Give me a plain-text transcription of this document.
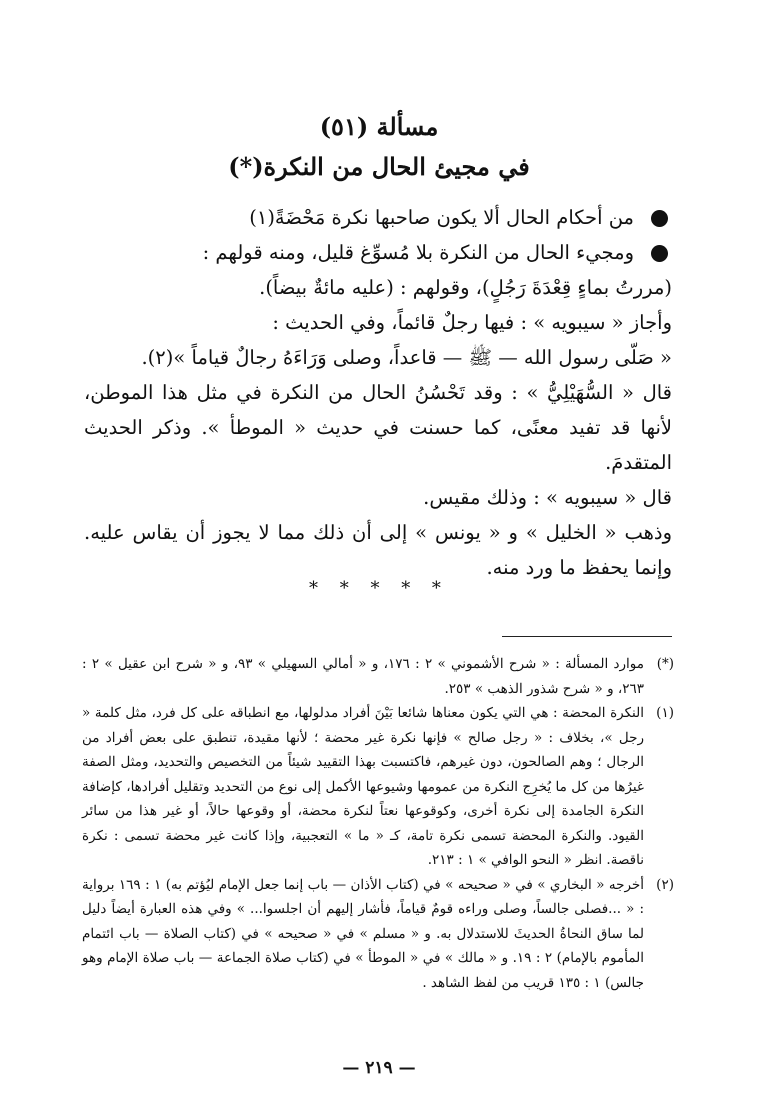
مسألة (٥١)
في مجيئ الحال من النكرة(*)

من أحكام الحال ألا يكون صاحبها نكرة مَحْضَةً(١)

ومجيء الحال من النكرة بلا مُسوِّغ قليل، ومنه قولهم :

(مررتُ بماءٍ قِعْدَةَ رَجُلٍ)، وقولهم : (عليه مائةٌ بيضاً).

وأجاز « سيبويه » : فيها رجلٌ قائماً، وفي الحديث :

« صَلّى رسول الله — ﷺ — قاعداً، وصلى وَرَاءَهُ رجالٌ قياماً »(٢).

قال « السُّهَيْلِيُّ » : وقد تَحْسُنُ الحال من النكرة في مثل هذا الموطن، لأنها قد تفيد معنًى، كما حسنت في حديث « الموطأ ». وذكر الحديث المتقدمَ.

قال « سيبويه » : وذلك مقيس.

وذهب « الخليل » و « يونس » إلى أن ذلك مما لا يجوز أن يقاس عليه. وإنما يحفظ ما ورد منه.

* * * * *

(*)
موارد المسألة : « شرح الأشموني » ٢ : ١٧٦، و « أمالي السهيلي » ٩٣، و « شرح ابن عقيل » ٢ : ٢٦٣، و « شرح شذور الذهب » ٢٥٣.

(١)
النكرة المحضة : هي التي يكون معناها شائعا بَيْنَ أفراد مدلولها، مع انطباقه على كل فرد، مثل كلمة « رجل »، بخلاف : « رجل صالح » فإنها نكرة غير محضة ؛ لأنها مقيدة، تنطبق على بعض أفراد من الرجال ؛ وهم الصالحون، دون غيرهم، فاكتسبت بهذا التقييد شيئاً من التخصيص والتحديد، ومثل الصفة غيرُها من كل ما يُخرِج النكرة من عمومها وشيوعها الأكمل إلى نوع من التحديد وتقليل أفرادها، كإضافة النكرة الجامدة إلى نكرة أخرى، وكوقوعها نعتاً لنكرة محضة، أو وقوعها حالاً، أو غير هذا من سائر القيود. والنكرة المحضة تسمى نكرة تامة، كـ « ما » التعجبية، وإذا كانت غير محضة تسمى : نكرة ناقصة. انظر « النحو الوافي » ١ : ٢١٣.

(٢)
أخرجه « البخاري » في « صحيحه » في (كتاب الأذان — باب إنما جعل الإمام ليُؤتم به) ١ : ١٦٩ برواية : « ...فصلى جالساً، وصلى وراءه قومٌ قياماً، فأشار إليهم أن اجلسوا... » وفي هذه العبارة أيضاً دليل لما ساق النحاةُ الحديثَ للاستدلال به. و « مسلم » في « صحيحه » في (كتاب الصلاة — باب ائتمام المأموم بالإمام) ٢ : ١٩. و « مالك » في « الموطأ » في (كتاب صلاة الجماعة — باب صلاة الإمام وهو جالس) ١ : ١٣٥ قريب من لفظ الشاهد .

— ٢١٩ —
